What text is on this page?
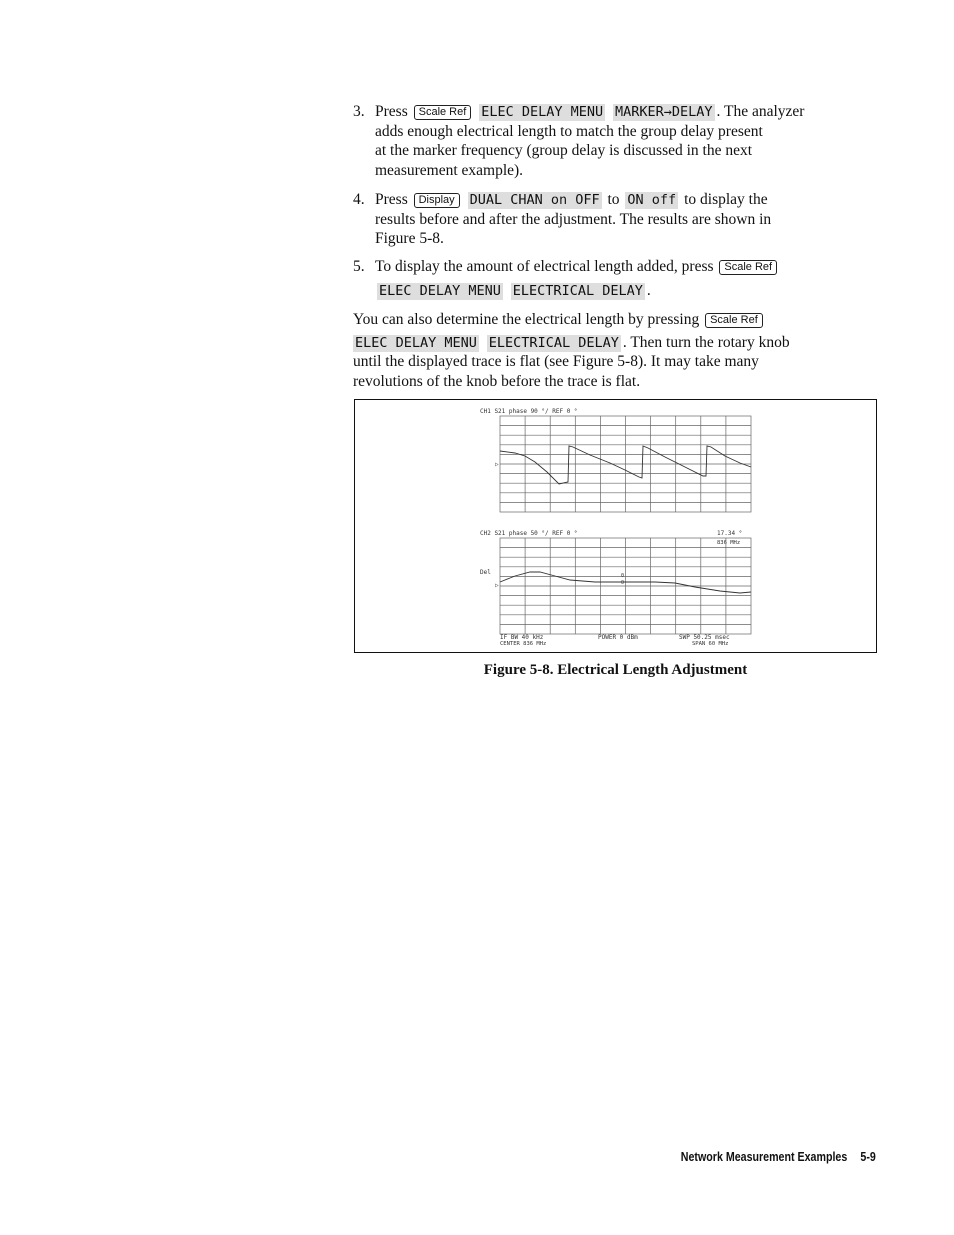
3. Press Scale Ref ELEC DELAY MENU MARKER→DELAY . The analyzer
adds enough electrical length to match the group delay present
at the marker frequency (group delay is discussed in the next
measurement example).
4. Press Display DUAL CHAN on OFF to ON off to display the
results before and after the adjustment. The results are shown in
Figure 5-8.
5. To display the amount of electrical length added, press Scale Ref
ELEC DELAY MENU ELECTRICAL DELAY .
You can also determine the electrical length by pressing Scale Ref
ELEC DELAY MENU ELECTRICAL DELAY . Then turn the rotary knob
until the displayed trace is flat (see Figure 5-8). It may take many
revolutions of the knob before the trace is flat.
CH1 S21 phase 90 °/ REF 0 °
▷
CH2 S21 phase 50 °/ REF 0 °	17.34 °
836 MHz
Del
▷
0
0
IF BW 40 kHz
CENTER 836 MHz
POWER 0 dBm	SWP 50.25 msec
SPAN 60 MHz
Figure 5-8. Electrical Length Adjustment
Network Measurement Examples 5-9
